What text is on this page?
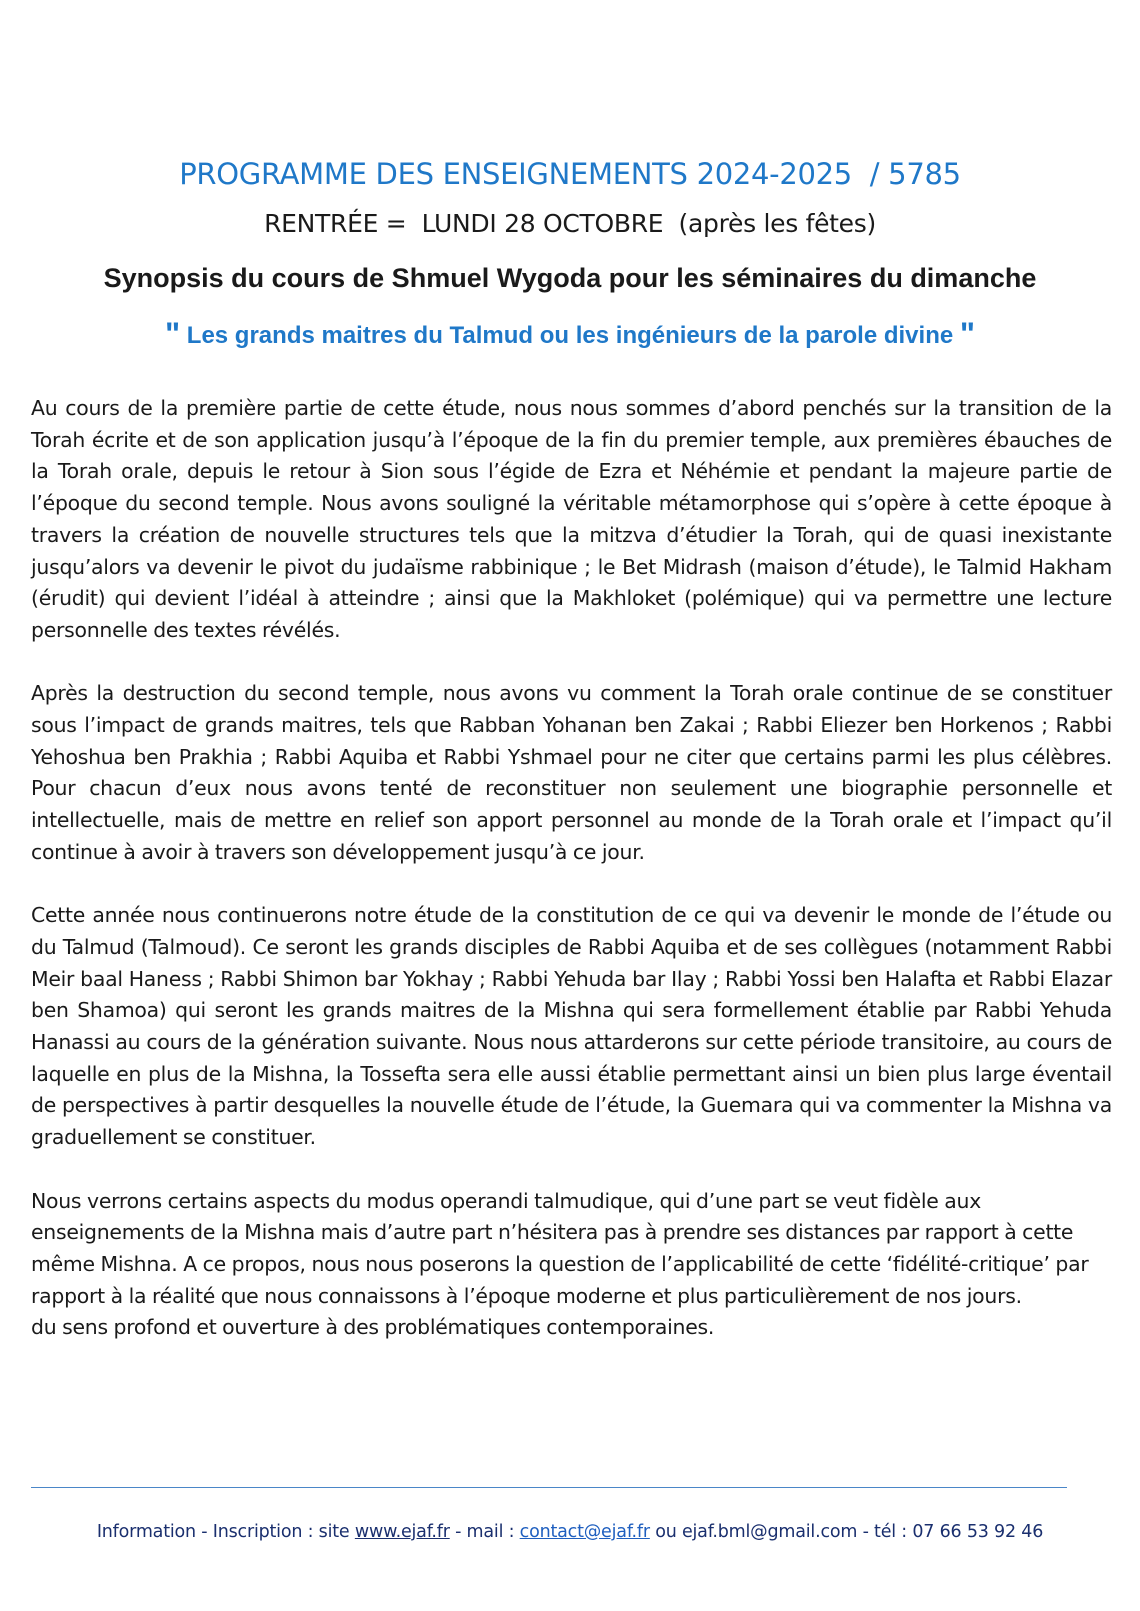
PROGRAMME DES ENSEIGNEMENTS 2024-2025  / 5785
RENTRÉE =  LUNDI 28 OCTOBRE  (après les fêtes)
Synopsis du cours de Shmuel Wygoda pour les séminaires du dimanche
" Les grands maitres du Talmud ou les ingénieurs de la parole divine "

Au cours de la première partie de cette étude, nous nous sommes d’abord penchés sur la transition de la Torah écrite et de son application jusqu’à l’époque de la fin du premier temple, aux premières ébauches de la Torah orale, depuis le retour à Sion sous l’égide de Ezra et Néhémie et pendant la majeure partie de l’époque du second temple. Nous avons souligné la véritable métamorphose qui s’opère à cette époque à travers la création de nouvelle structures tels que la mitzva d’étudier la Torah, qui de quasi inexistante jusqu’alors va devenir le pivot du judaïsme rabbinique ; le Bet Midrash (maison d’étude), le Talmid Hakham (érudit) qui devient l’idéal à atteindre ; ainsi que la Makhloket (polémique) qui va permettre une lecture personnelle des textes révélés.

Après la destruction du second temple, nous avons vu comment la Torah orale continue de se constituer sous l’impact de grands maitres, tels que Rabban Yohanan ben Zakai ; Rabbi Eliezer ben Horkenos ; Rabbi Yehoshua ben Prakhia ; Rabbi Aquiba et Rabbi Yshmael pour ne citer que certains parmi les plus célèbres. Pour chacun d’eux nous avons tenté de reconstituer non seulement une biographie personnelle et intellectuelle, mais de mettre en relief son apport personnel au monde de la Torah orale et l’impact qu’il continue à avoir à travers son développement jusqu’à ce jour.

Cette année nous continuerons notre étude de la constitution de ce qui va devenir le monde de l’étude ou du Talmud (Talmoud). Ce seront les grands disciples de Rabbi Aquiba et de ses collègues (notamment Rabbi Meir baal Haness ; Rabbi Shimon bar Yokhay ; Rabbi Yehuda bar Ilay ; Rabbi Yossi ben Halafta et Rabbi Elazar ben Shamoa) qui seront les grands maitres de la Mishna qui sera formellement établie par Rabbi Yehuda Hanassi au cours de la génération suivante. Nous nous attarderons sur cette période transitoire, au cours de laquelle en plus de la Mishna, la Tossefta sera elle aussi établie permettant ainsi un bien plus large éventail de perspectives à partir desquelles la nouvelle étude de l’étude, la Guemara qui va commenter la Mishna va graduellement se constituer.

Nous verrons certains aspects du modus operandi talmudique, qui d’une part se veut fidèle aux enseignements de la Mishna mais d’autre part n’hésitera pas à prendre ses distances par rapport à cette même Mishna. A ce propos, nous nous poserons la question de l’applicabilité de cette ‘fidélité-critique’ par rapport à la réalité que nous connaissons à l’époque moderne et plus particulièrement de nos jours.
du sens profond et ouverture à des problématiques contemporaines.

Information - Inscription : site www.ejaf.fr - mail : contact@ejaf.fr ou ejaf.bml@gmail.com - tél : 07 66 53 92 46
